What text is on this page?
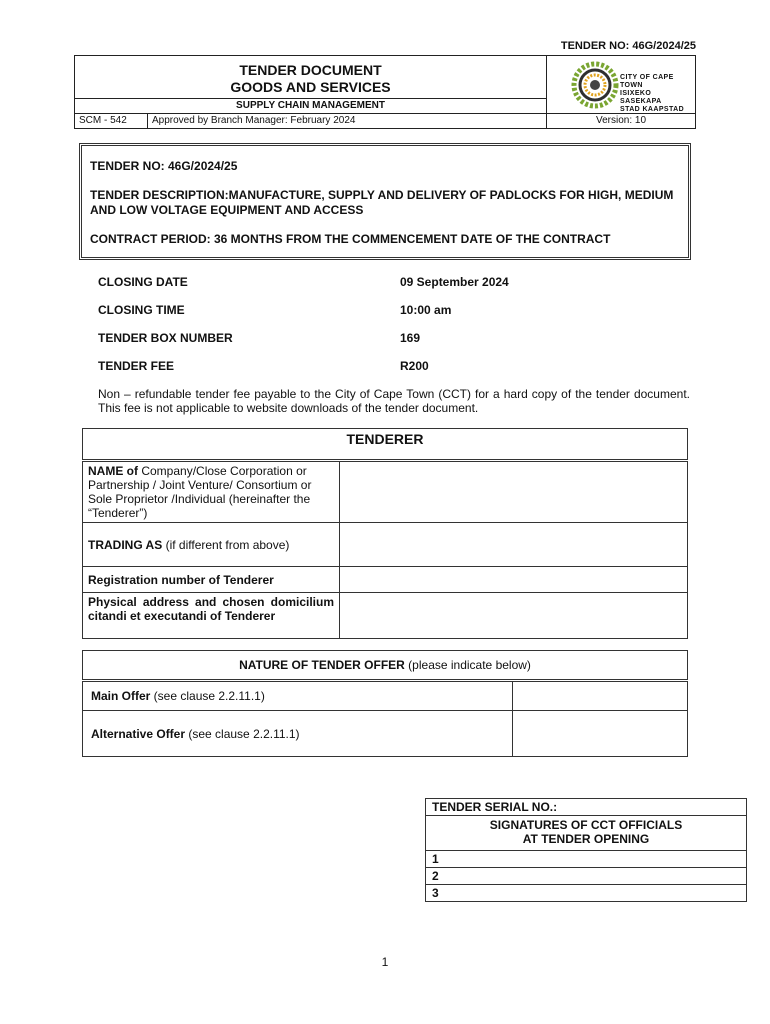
TENDER NO: 46G/2024/25
TENDER DOCUMENT
GOODS AND SERVICES
SUPPLY CHAIN MANAGEMENT
SCM - 542	Approved by Branch Manager: February 2024
CITY OF CAPE TOWN
ISIXEKO SASEKAPA
STAD KAAPSTAD
Version: 10

TENDER NO: 46G/2024/25

TENDER DESCRIPTION:MANUFACTURE, SUPPLY AND DELIVERY OF PADLOCKS FOR HIGH, MEDIUM AND LOW VOLTAGE EQUIPMENT AND ACCESS

CONTRACT PERIOD: 36 MONTHS FROM THE COMMENCEMENT DATE OF THE CONTRACT

CLOSING DATE	09 September 2024
CLOSING TIME	10:00 am
TENDER BOX NUMBER	169
TENDER FEE	R200
Non – refundable tender fee payable to the City of Cape Town (CCT) for a hard copy of the tender document. This fee is not applicable to website downloads of the tender document.
TENDERER	
NAME of Company/Close Corporation or Partnership / Joint Venture/ Consortium or Sole Proprietor /Individual (hereinafter the “Tenderer”)	
TRADING AS (if different from above)	
Registration number of Tenderer	
Physical address and chosen domicilium citandi et executandi of Tenderer	
NATURE OF TENDER OFFER (please indicate below)	
Main Offer (see clause 2.2.11.1)	
Alternative Offer (see clause 2.2.11.1)	
TENDER SERIAL NO.:

SIGNATURES OF CCT OFFICIALS
AT TENDER OPENING

1
2
3
1
